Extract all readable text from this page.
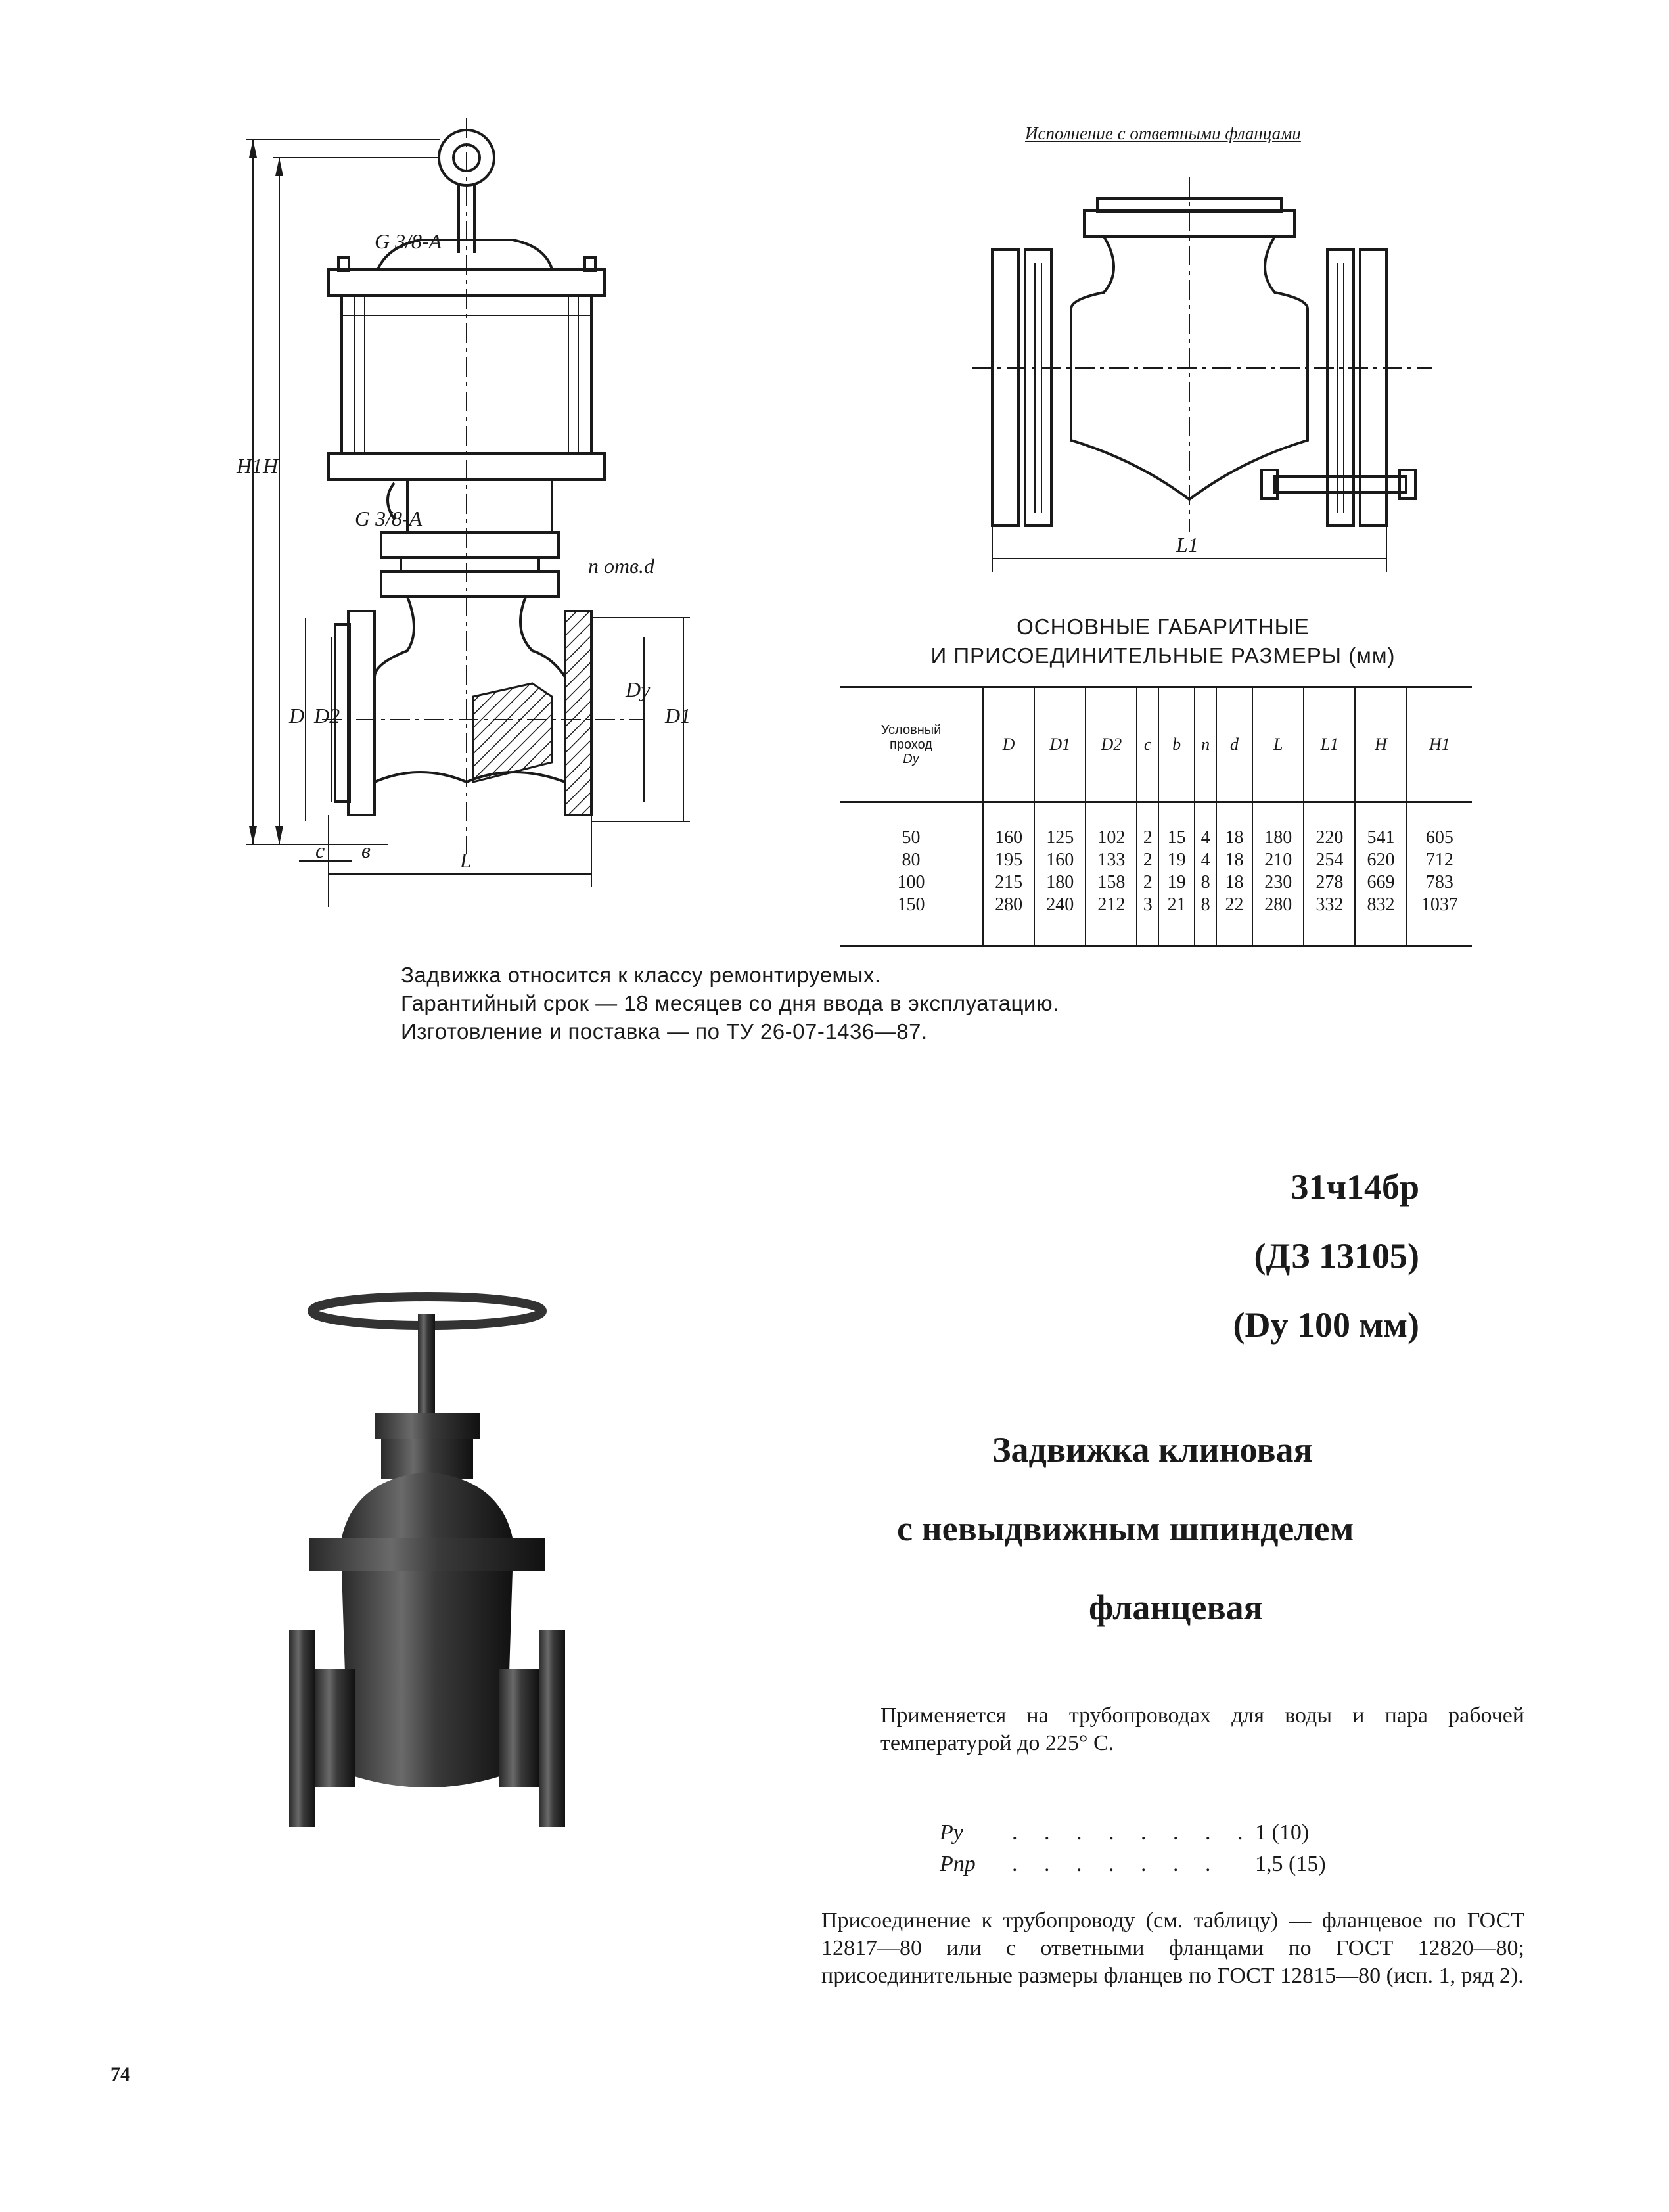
G 3/8-A
n отв.d
H1 H
D D2
Dу
D1
c в	L
G 3/8-A
Исполнение с ответными фланцами
L1
ОСНОВНЫЕ ГАБАРИТНЫЕ
И ПРИСОЕДИНИТЕЛЬНЫЕ РАЗМЕРЫ (мм)
Условный
проход
Dу	D	D1	D2	c	b	n	d	L	L1	H	H1
50	160	125	102	2	15	4	18	180	220	541	605
80	195	160	133	2	19	4	18	210	254	620	712
100	215	180	158	2	19	8	18	230	278	669	783
150	280	240	212	3	21	8	22	280	332	832	1037
Задвижка относится к классу ремонтируемых.
Гарантийный срок — 18 месяцев со дня ввода в эксплуатацию.
Изготовление и поставка — по ТУ 26-07-1436—87.
31ч14бр
(ДЗ 13105)
(Dу 100 мм)
Задвижка клиновая
с невыдвижным шпинделем
фланцевая
Применяется на трубопроводах для воды и пара рабочей температурой до 225° С.
Pу . . . . . . . .1 (10)
Pпр . . . . . . . 1,5 (15)
Присоединение к трубопроводу (см. таблицу) — фланцевое по ГОСТ 12817—80 или с ответными фланцами по ГОСТ 12820—80; присоединительные размеры фланцев по ГОСТ 12815—80 (исп. 1, ряд 2).
74
